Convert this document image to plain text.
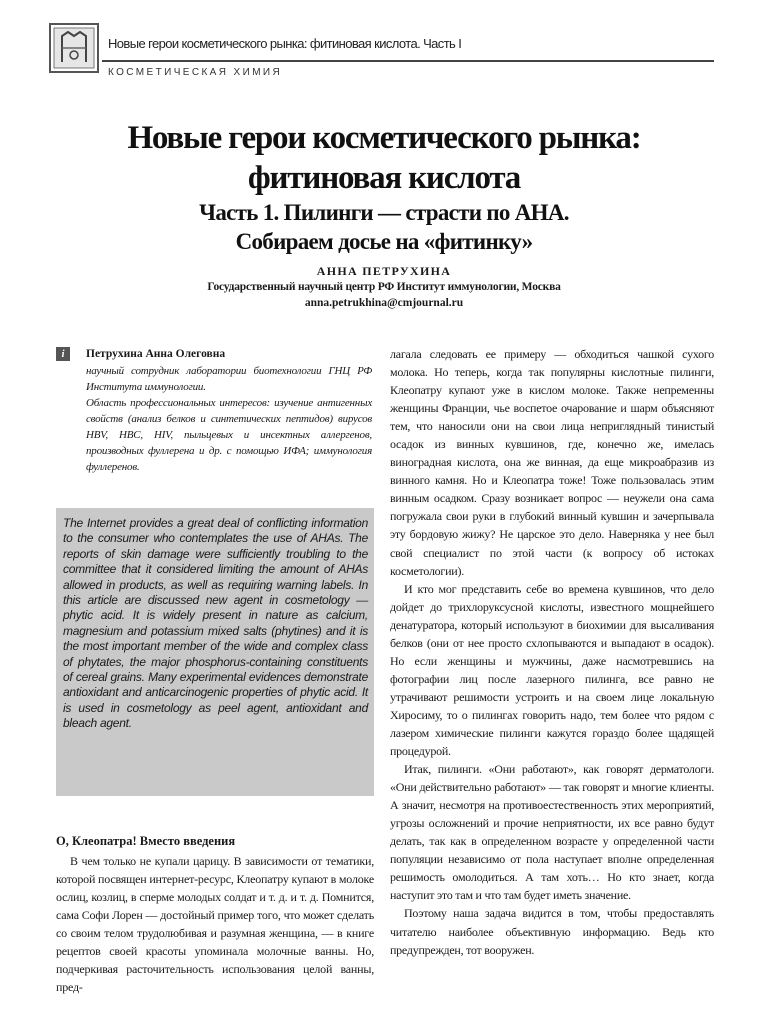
Новые герои косметического рынка: фитиновая кислота. Часть I
КОСМЕТИЧЕСКАЯ ХИМИЯ
Новые герои косметического рынка:
фитиновая кислота
Часть 1. Пилинги — страсти по АНА.
Собираем досье на «фитинку»
АННА ПЕТРУХИНА
Государственный научный центр РФ Институт иммунологии, Москва
anna.petrukhina@cmjournal.ru
i	Петрухина Анна Олеговна

научный сотрудник лаборатории биотехнологии ГНЦ РФ Института иммунологии.

Область профессиональных интересов: изучение антигенных свойств (анализ белков и синтетических пептидов) вирусов HBV, HBC, HIV, пыльцевых и инсектных аллергенов, производных фуллерена и др. с помощью ИФА; иммунология фуллеренов.

The Internet provides a great deal of conflicting information to the consumer who contemplates the use of AHAs. The reports of skin damage were sufficiently troubling to the committee that it considered limiting the amount of AHAs allowed in products, as well as requiring warning labels. In this article are discussed new agent in cosmetology — phytic acid. It is widely present in nature as calcium, magnesium and potassium mixed salts (phytines) and it is the most important member of the wide and complex class of phytates, the major phosphorus-containing constituents of cereal grains. Many experimental evidences demonstrate antioxidant and anticarcinogenic properties of phytic acid. It is used in cosmetology as peel agent, antioxidant and bleach agent.
О, Клеопатра! Вместо введения

В чем только не купали царицу. В зависимости от тематики, которой посвящен интернет-ресурс, Клеопатру купают в молоке ослиц, козлиц, в сперме молодых солдат и т. д. и т. д. Помнится, сама Софи Лорен — достойный пример того, что может сделать со своим телом трудолюбивая и разумная женщина, — в книге рецептов своей красоты упоминала молочные ванны. Но, подчеркивая расточительность использования целой ванны, пред-

лагала следовать ее примеру — обходиться чашкой сухого молока. Но теперь, когда так популярны кислотные пилинги, Клеопатру купают уже в кислом молоке. Также непременны женщины Франции, чье воспетое очарование и шарм объясняют тем, что наносили они на свои лица неприглядный тинистый осадок из винных кувшинов, где, конечно же, имелась виноградная кислота, она же винная, да еще микроабразив из винного камня. Но и Клеопатра тоже! Тоже пользовалась этим винным осадком. Сразу возникает вопрос — неужели она сама погружала свои руки в глубокий винный кувшин и зачерпывала эту бордовую жижу? Не царское это дело. Наверняка у нее был свой специалист по этой части (к вопросу об истоках косметологии).

И кто мог представить себе во времена кувшинов, что дело дойдет до трихлоруксусной кислоты, известного мощнейшего денатуратора, который используют в биохимии для высаливания белков (они от нее просто схлопываются и выпадают в осадок). Но если женщины и мужчины, даже насмотревшись на фотографии лиц после лазерного пилинга, все равно не утрачивают решимости устроить и на своем лице локальную Хиросиму, то о пилингах говорить надо, тем более что рядом с лазером химические пилинги кажутся гораздо более щадящей процедурой.

Итак, пилинги. «Они работают», как говорят дерматологи. «Они действительно работают» — так говорят и многие клиенты. А значит, несмотря на противоестественность этих мероприятий, угрозы осложнений и прочие неприятности, их все равно будут делать, так как в определенном возрасте у определенной части популяции независимо от пола наступает вполне определенная решимость омолодиться. А там хоть… Но кто знает, когда наступит это там и что там будет иметь значение.

Поэтому наша задача видится в том, чтобы предоставлять читателю наиболее объективную информацию. Ведь кто предупрежден, тот вооружен.
